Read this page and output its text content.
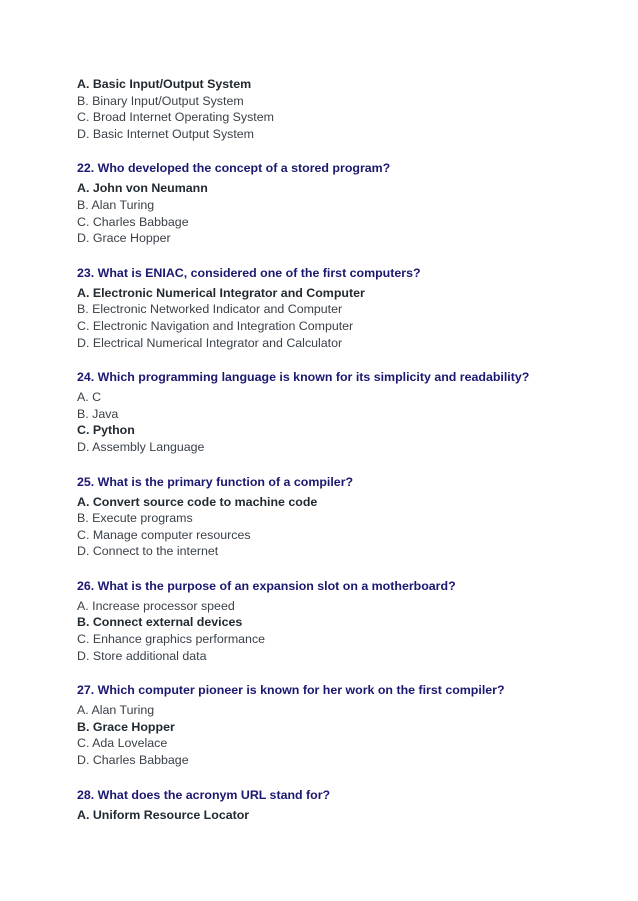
A. Basic Input/Output System
B. Binary Input/Output System
C. Broad Internet Operating System
D. Basic Internet Output System
22. Who developed the concept of a stored program?
A. John von Neumann
B. Alan Turing
C. Charles Babbage
D. Grace Hopper
23. What is ENIAC, considered one of the first computers?
A. Electronic Numerical Integrator and Computer
B. Electronic Networked Indicator and Computer
C. Electronic Navigation and Integration Computer
D. Electrical Numerical Integrator and Calculator
24. Which programming language is known for its simplicity and readability?
A. C
B. Java
C. Python
D. Assembly Language
25. What is the primary function of a compiler?
A. Convert source code to machine code
B. Execute programs
C. Manage computer resources
D. Connect to the internet
26. What is the purpose of an expansion slot on a motherboard?
A. Increase processor speed
B. Connect external devices
C. Enhance graphics performance
D. Store additional data
27. Which computer pioneer is known for her work on the first compiler?
A. Alan Turing
B. Grace Hopper
C. Ada Lovelace
D. Charles Babbage
28. What does the acronym URL stand for?
A. Uniform Resource Locator
